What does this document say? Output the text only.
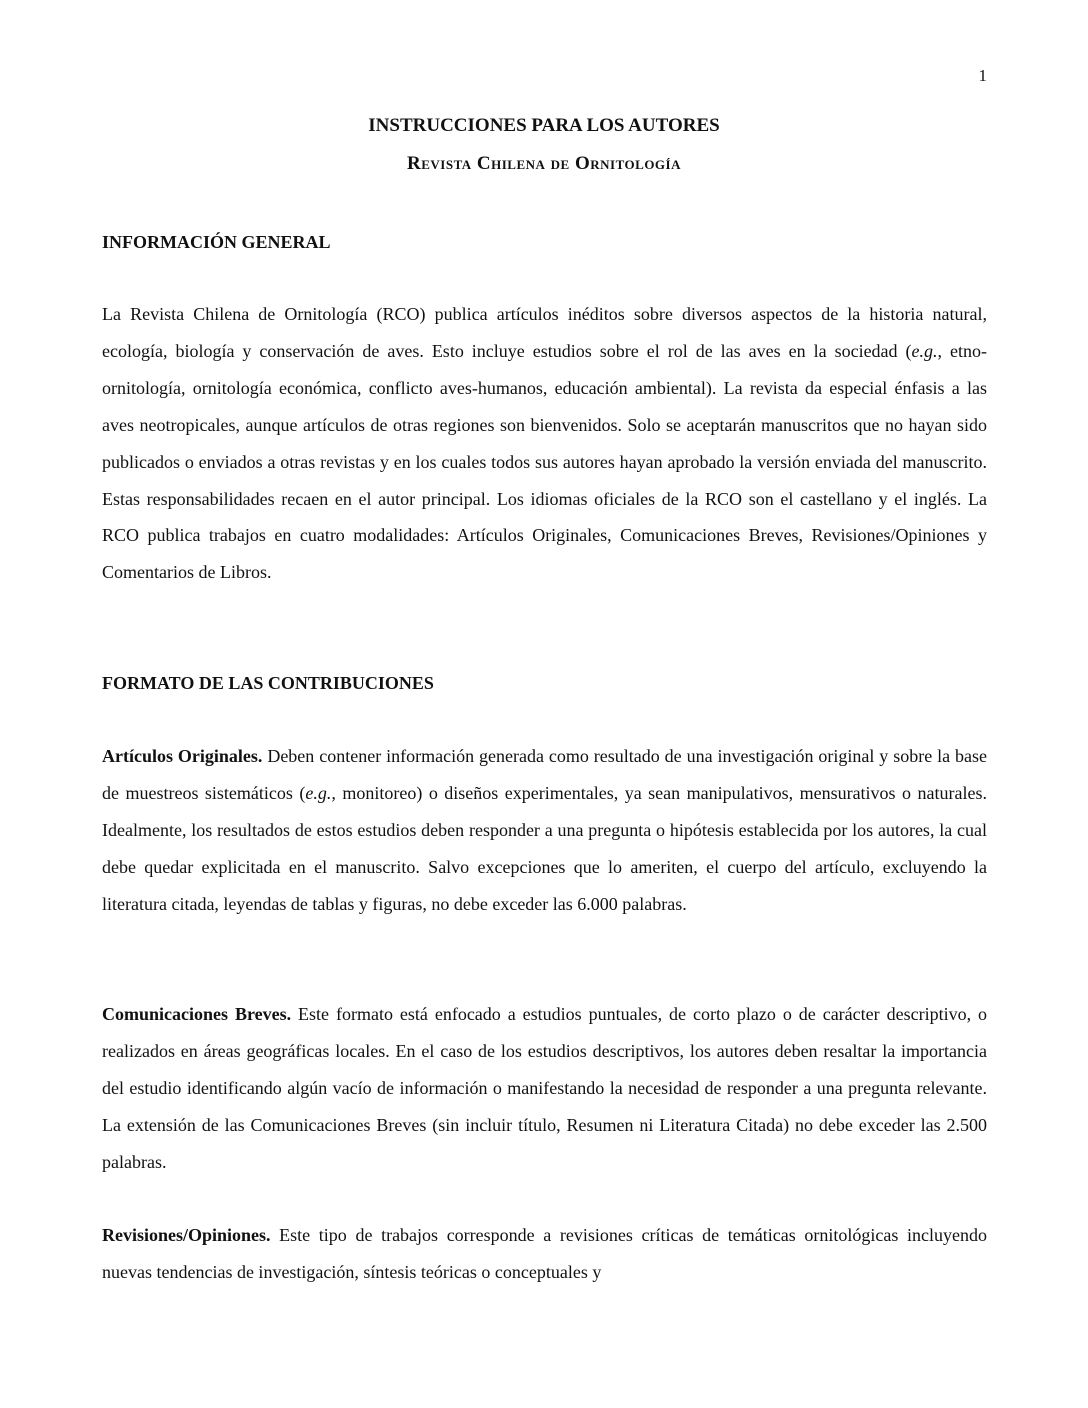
1
INSTRUCCIONES PARA LOS AUTORES
Revista Chilena de Ornitología
INFORMACIÓN GENERAL

La Revista Chilena de Ornitología (RCO) publica artículos inéditos sobre diversos aspectos de la historia natural, ecología, biología y conservación de aves. Esto incluye estudios sobre el rol de las aves en la sociedad (e.g., etno-ornitología, ornitología económica, conflicto aves-humanos, educación ambiental). La revista da especial énfasis a las aves neotropicales, aunque artículos de otras regiones son bienvenidos. Solo se aceptarán manuscritos que no hayan sido publicados o enviados a otras revistas y en los cuales todos sus autores hayan aprobado la versión enviada del manuscrito. Estas responsabilidades recaen en el autor principal. Los idiomas oficiales de la RCO son el castellano y el inglés. La RCO publica trabajos en cuatro modalidades: Artículos Originales, Comunicaciones Breves, Revisiones/Opiniones y Comentarios de Libros.

FORMATO DE LAS CONTRIBUCIONES

Artículos Originales. Deben contener información generada como resultado de una investigación original y sobre la base de muestreos sistemáticos (e.g., monitoreo) o diseños experimentales, ya sean manipulativos, mensurativos o naturales. Idealmente, los resultados de estos estudios deben responder a una pregunta o hipótesis establecida por los autores, la cual debe quedar explicitada en el manuscrito. Salvo excepciones que lo ameriten, el cuerpo del artículo, excluyendo la literatura citada, leyendas de tablas y figuras, no debe exceder las 6.000 palabras.

Comunicaciones Breves. Este formato está enfocado a estudios puntuales, de corto plazo o de carácter descriptivo, o realizados en áreas geográficas locales. En el caso de los estudios descriptivos, los autores deben resaltar la importancia del estudio identificando algún vacío de información o manifestando la necesidad de responder a una pregunta relevante. La extensión de las Comunicaciones Breves (sin incluir título, Resumen ni Literatura Citada) no debe exceder las 2.500 palabras.

Revisiones/Opiniones. Este tipo de trabajos corresponde a revisiones críticas de temáticas ornitológicas incluyendo nuevas tendencias de investigación, síntesis teóricas o conceptuales y
